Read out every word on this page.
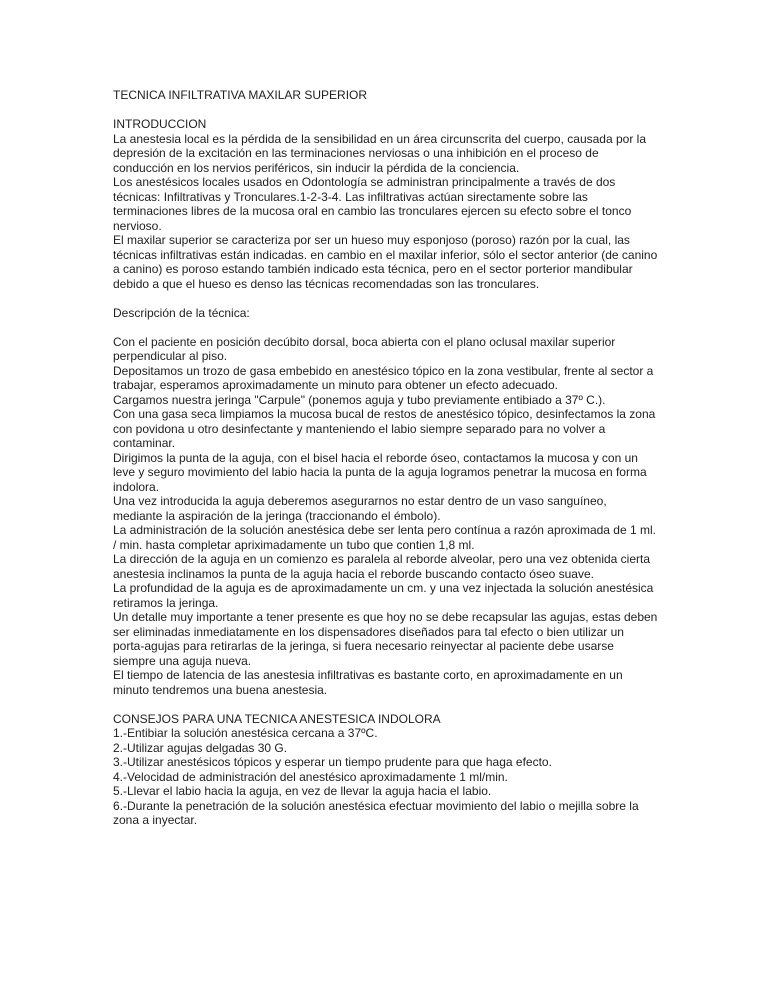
TECNICA INFILTRATIVA MAXILAR SUPERIOR
INTRODUCCION

La anestesia local es la pérdida de la sensibilidad en un área circunscrita del cuerpo, causada por la depresión de la excitación en las terminaciones nerviosas o una inhibición en el proceso de conducción en los nervios periféricos, sin inducir la pérdida de la conciencia.

Los anestésicos locales usados en Odontología se administran principalmente a través de dos técnicas: Infiltrativas y Tronculares.1-2-3-4. Las infiltrativas actúan sirectamente sobre las terminaciones libres de la mucosa oral en cambio las tronculares ejercen su efecto sobre el tonco nervioso.

El maxilar superior se caracteriza por ser un hueso muy esponjoso (poroso) razón por la cual, las técnicas infiltrativas están indicadas. en cambio en el maxilar inferior, sólo el sector anterior (de canino a canino) es poroso estando también indicado esta técnica, pero en el sector porterior mandibular debido a que el hueso es denso las técnicas recomendadas son las tronculares.

Descripción de la técnica:

Con el paciente en posición decúbito dorsal, boca abierta con el plano oclusal maxilar superior perpendicular al piso.

Depositamos un trozo de gasa embebido en anestésico tópico en la zona vestibular, frente al sector a trabajar, esperamos aproximadamente un minuto para obtener un efecto adecuado.

Cargamos nuestra jeringa "Carpule" (ponemos aguja y tubo previamente entibiado a 37º C.).

Con una gasa seca limpiamos la mucosa bucal de restos de anestésico tópico, desinfectamos la zona con povidona u otro desinfectante y manteniendo el labio siempre separado para no volver a contaminar.

Dirigimos la punta de la aguja, con el bisel hacia el reborde óseo, contactamos la mucosa y con un leve y seguro movimiento del labio hacia la punta de la aguja logramos penetrar la mucosa en forma indolora.

Una vez introducida la aguja deberemos asegurarnos no estar dentro de un vaso sanguíneo, mediante la aspiración de la jeringa (traccionando el émbolo).

La administración de la solución anestésica debe ser lenta pero contínua a razón aproximada de 1 ml. / min. hasta completar apriximadamente un tubo que contien 1,8 ml.

La dirección de la aguja en un comienzo es paralela al reborde alveolar, pero una vez obtenida cierta anestesia inclinamos la punta de la aguja hacia el reborde buscando contacto óseo suave.

La profundidad de la aguja es de aproximadamente un cm. y una vez injectada la solución anestésica retiramos la jeringa.

Un detalle muy importante a tener presente es que hoy no se debe recapsular las agujas, estas deben ser eliminadas inmediatamente en los dispensadores diseñados para tal efecto o bien utilizar un porta-agujas para retirarlas de la jeringa, si fuera necesario reinyectar al paciente debe usarse siempre una aguja nueva.

El tiempo de latencia de las anestesia infiltrativas es bastante corto, en aproximadamente en un minuto tendremos una buena anestesia.

CONSEJOS PARA UNA TECNICA ANESTESICA INDOLORA
1.-Entibiar la solución anestésica cercana a 37ºC.
2.-Utilizar agujas delgadas 30 G.
3.-Utilizar anestésicos tópicos y esperar un tiempo prudente para que haga efecto.
4.-Velocidad de administración del anestésico aproximadamente 1 ml/min.
5.-Llevar el labio hacia la aguja, en vez de llevar la aguja hacia el labio.
6.-Durante la penetración de la solución anestésica efectuar movimiento del labio o mejilla sobre la zona a inyectar.
